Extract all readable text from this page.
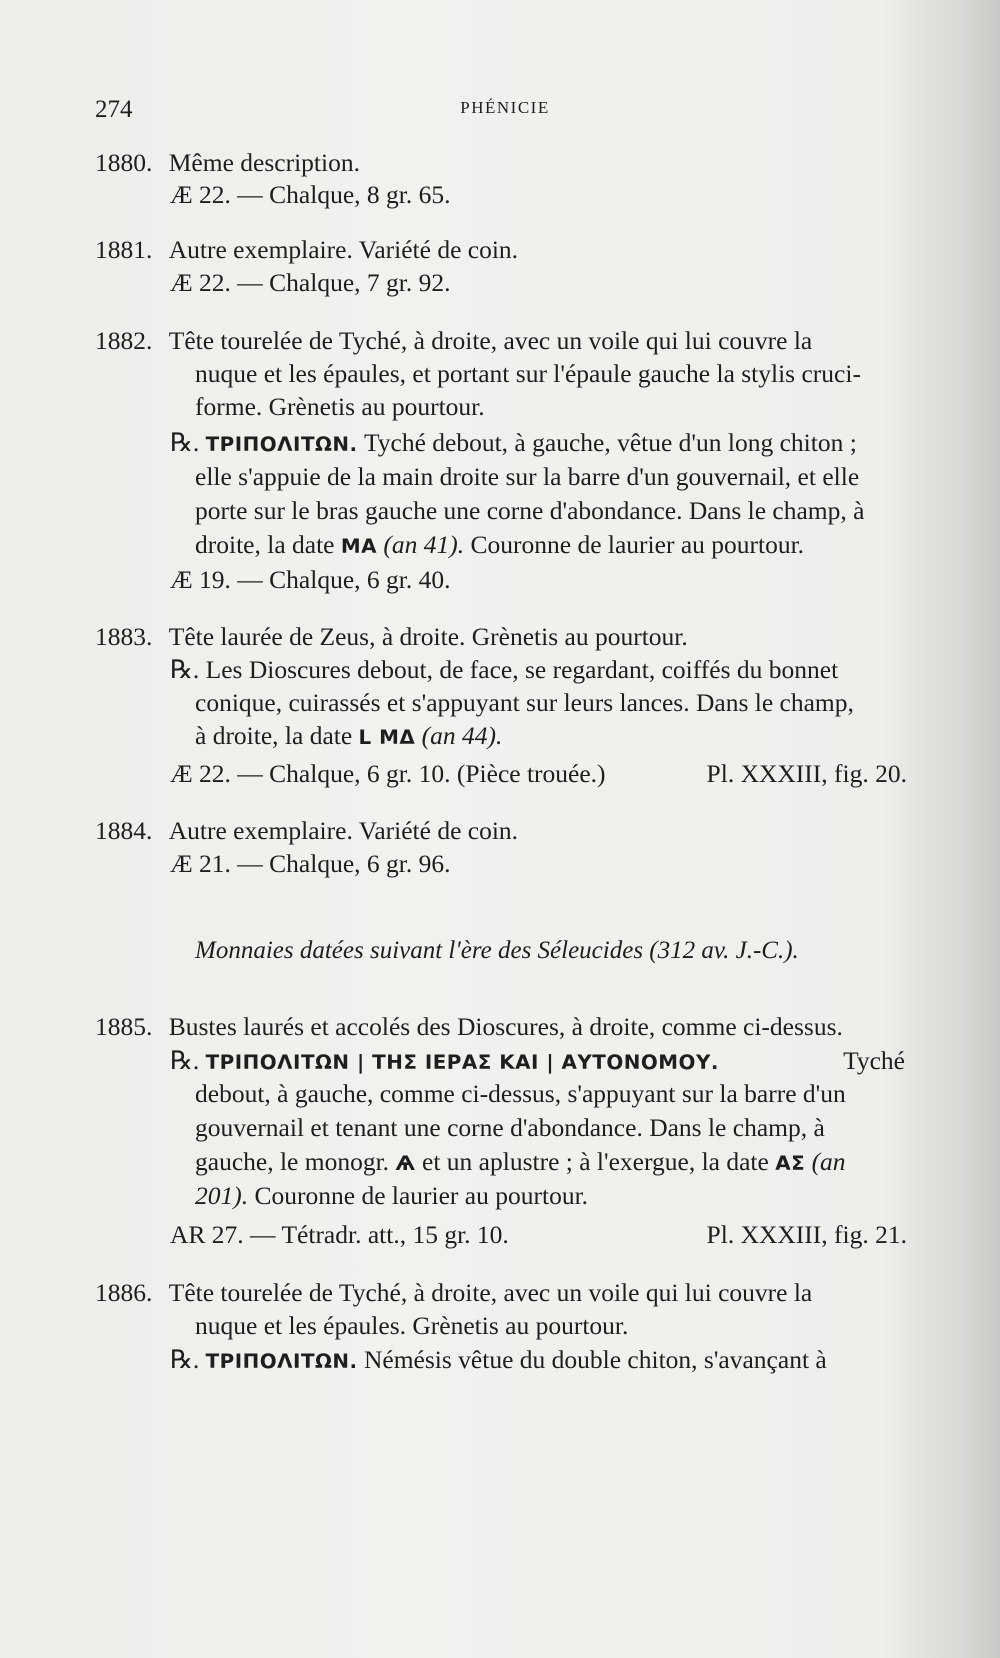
274	PHÉNICIE
1880. Même description.
Æ 22. — Chalque, 8 gr. 65.
1881. Autre exemplaire. Variété de coin.
Æ 22. — Chalque, 7 gr. 92.
1882. Tête tourelée de Tyché, à droite, avec un voile qui lui couvre la
nuque et les épaules, et portant sur l'épaule gauche la stylis cruci-
forme. Grènetis au pourtour.
℞. ΤΡΙΠΟΛΙΤΩΝ. Tyché debout, à gauche, vêtue d'un long chiton ;
elle s'appuie de la main droite sur la barre d'un gouvernail, et elle
porte sur le bras gauche une corne d'abondance. Dans le champ, à
droite, la date ΜΑ (an 41). Couronne de laurier au pourtour.
Æ 19. — Chalque, 6 gr. 40.
1883. Tête laurée de Zeus, à droite. Grènetis au pourtour.
℞. Les Dioscures debout, de face, se regardant, coiffés du bonnet
conique, cuirassés et s'appuyant sur leurs lances. Dans le champ,
à droite, la date L ΜΔ (an 44).
Æ 22. — Chalque, 6 gr. 10. (Pièce trouée.)	Pl. XXXIII, fig. 20.
1884. Autre exemplaire. Variété de coin.
Æ 21. — Chalque, 6 gr. 96.
Monnaies datées suivant l'ère des Séleucides (312 av. J.-C.).
1885. Bustes laurés et accolés des Dioscures, à droite, comme ci-dessus.
℞. ΤΡΙΠΟΛΙΤΩΝ | ΤΗΣ ΙΕΡΑΣ ΚΑΙ | ΑΥΤΟΝΟΜΟΥ.	Tyché
debout, à gauche, comme ci-dessus, s'appuyant sur la barre d'un
gouvernail et tenant une corne d'abondance. Dans le champ, à
gauche, le monogr. Ѧ et un aplustre ; à l'exergue, la date ΑΣ (an
201). Couronne de laurier au pourtour.
AR 27. — Tétradr. att., 15 gr. 10.	Pl. XXXIII, fig. 21.
1886. Tête tourelée de Tyché, à droite, avec un voile qui lui couvre la
nuque et les épaules. Grènetis au pourtour.
℞. ΤΡΙΠΟΛΙΤΩΝ. Némésis vêtue du double chiton, s'avançant à
